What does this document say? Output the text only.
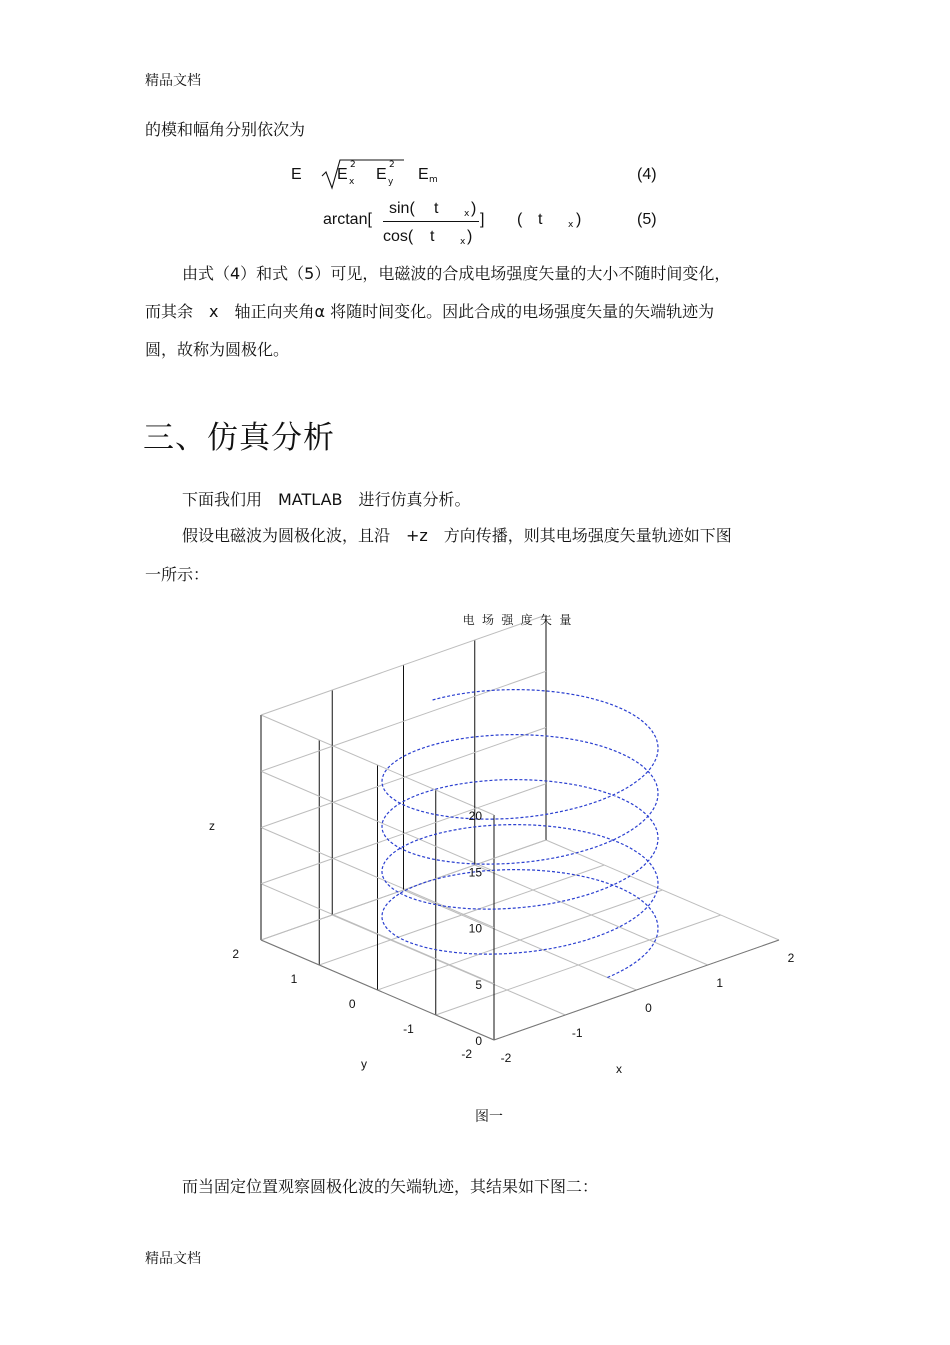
精品文档
的模和幅角分别依次为
E E x
2
E y
2
E m	(4)
arctan[
sin( t	x )
cos( t	x )
] ( t	x )	(5)
由式（4）和式（5）可见，电磁波的合成电场强度矢量的大小不随时间变化，
而其余　x　轴正向夹角α 将随时间变化。因此合成的电场强度矢量的矢端轨迹为
圆，故称为圆极化。
三、仿真分析
下面我们用　MATLAB　进行仿真分析。
假设电磁波为圆极化波，且沿　+z　方向传播，则其电场强度矢量轨迹如下图
一所示：
电 场 强 度 矢 量
z
y	x
0
5
10
15
20
-2
-1
0
1
2
-2
-1
0
1
2
图一
而当固定位置观察圆极化波的矢端轨迹，其结果如下图二：
精品文档
